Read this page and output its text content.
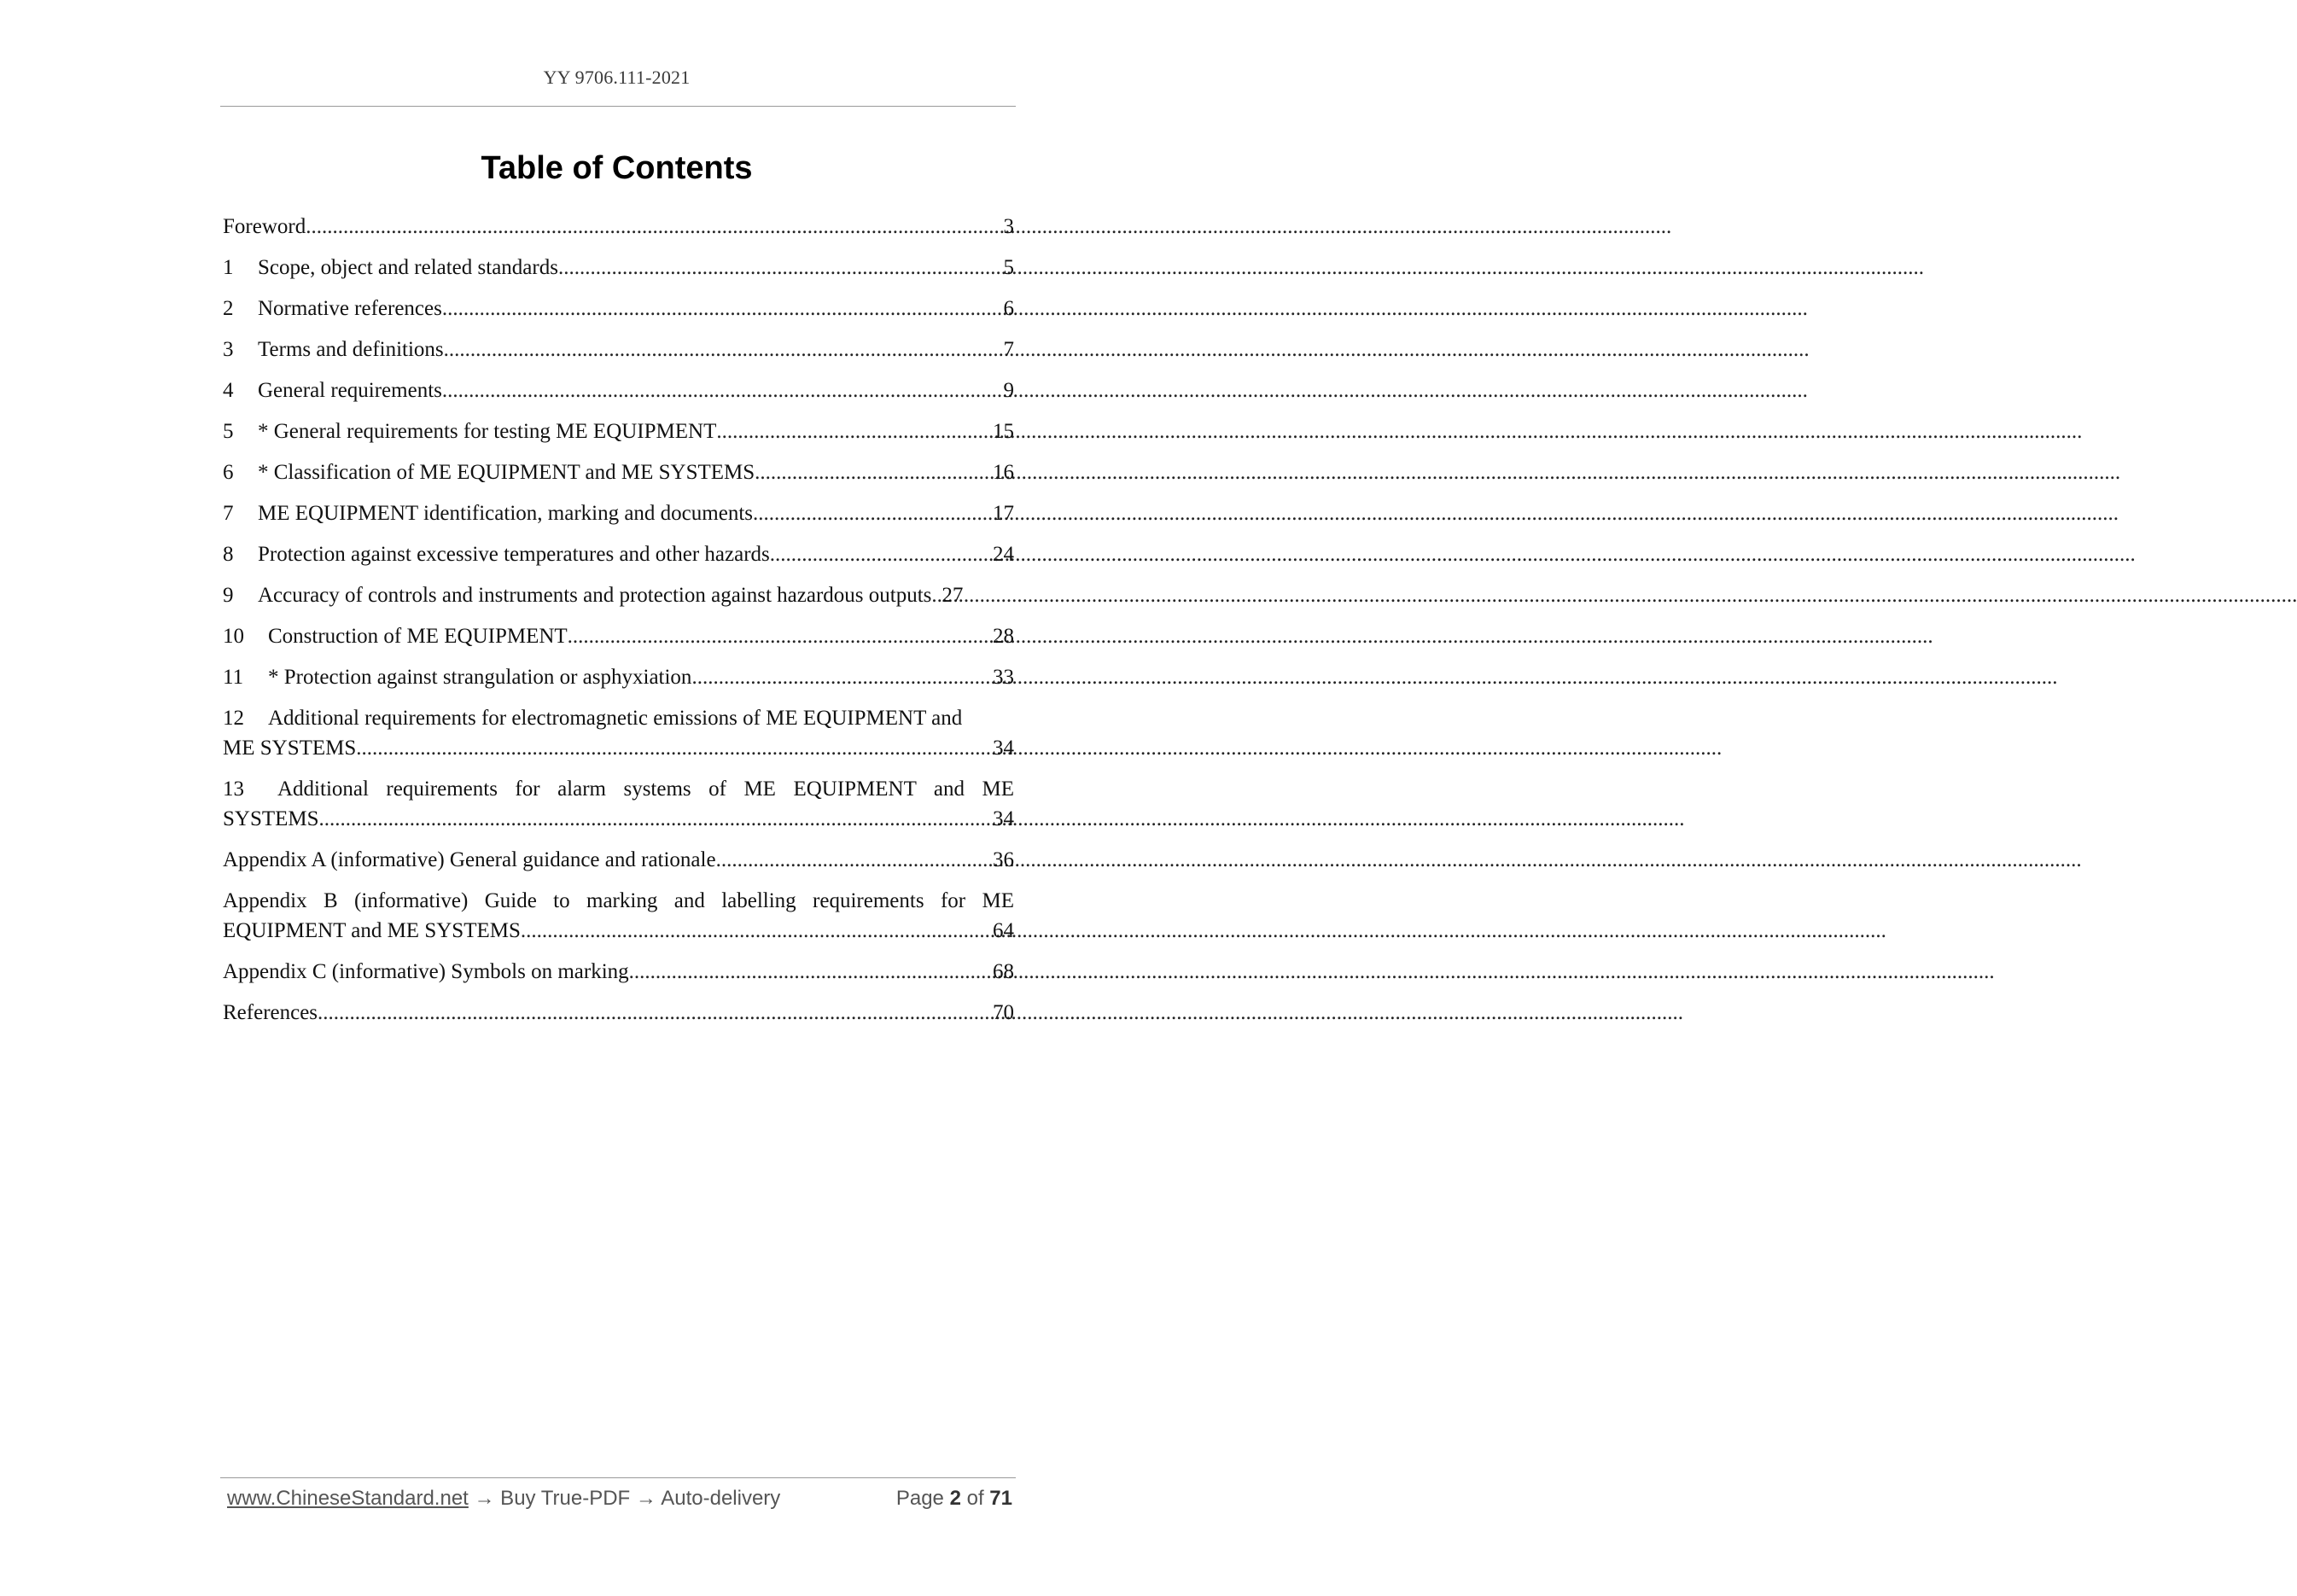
YY 9706.111-2021
Table of Contents
Foreword .....	3
1	Scope, object and related standards .....	5
2	Normative references .....	6
3	Terms and definitions .....	7
4	General requirements .....	9
5	* General requirements for testing ME EQUIPMENT .....	15
6	* Classification of ME EQUIPMENT and ME SYSTEMS .....	16
7	ME EQUIPMENT identification, marking and documents .....	17
8	Protection against excessive temperatures and other hazards .....	24
9	Accuracy of controls and instruments and protection against hazardous outputs ..... 27
10	Construction of ME EQUIPMENT .....	28
11	* Protection against strangulation or asphyxiation .....	33
12	Additional requirements for electromagnetic emissions of ME EQUIPMENT and
ME SYSTEMS .....	34
13	Additional requirements for alarm systems of ME EQUIPMENT and ME
SYSTEMS .....	34
Appendix A (informative) General guidance and rationale .....	36
Appendix B (informative) Guide to marking and labelling requirements for ME
EQUIPMENT and ME SYSTEMS .....	64
Appendix C (informative) Symbols on marking .....	68
References .....	70
www.ChineseStandard.net → Buy True-PDF → Auto-delivery	Page 2 of 71
